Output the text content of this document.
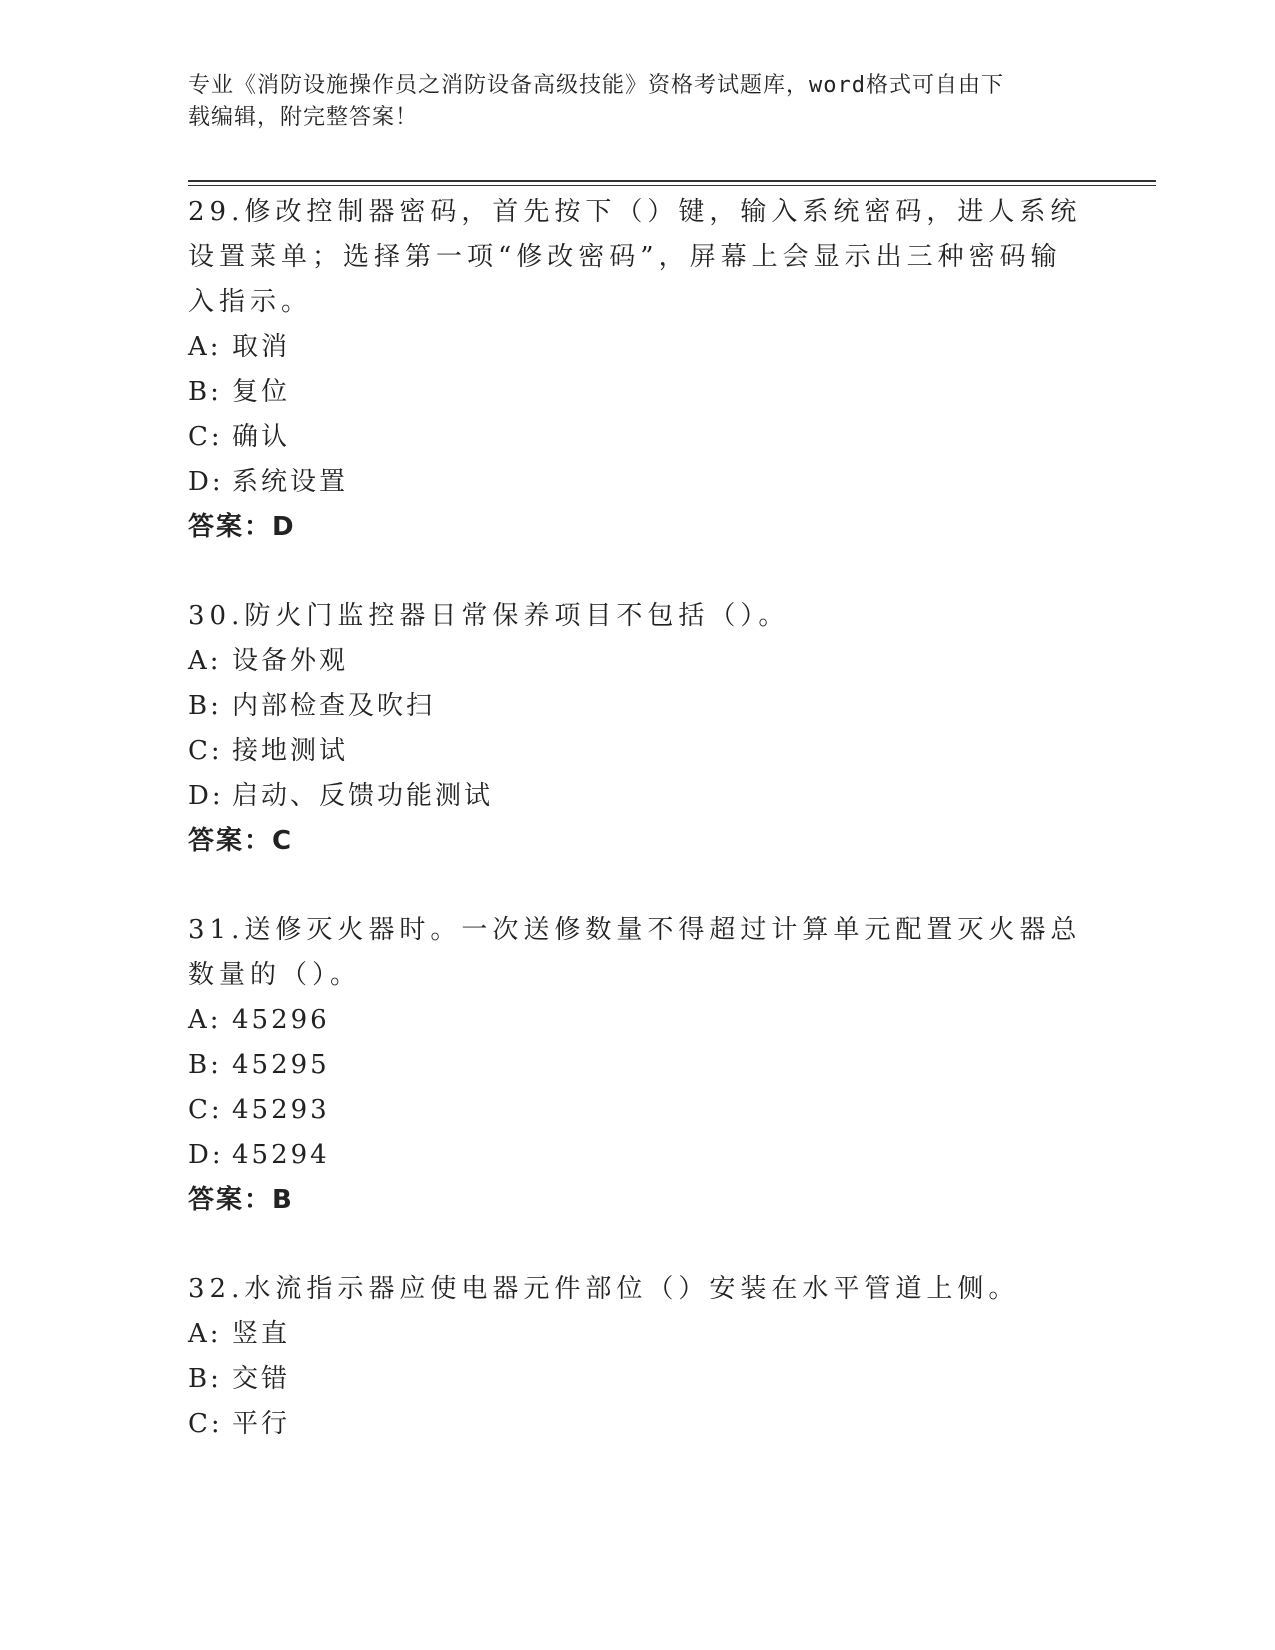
专业《消防设施操作员之消防设备高级技能》资格考试题库，word格式可自由下
载编辑，附完整答案！

29.修改控制器密码，首先按下（）键，输入系统密码，进人系统设置菜单；选择第一项“修改密码”，屏幕上会显示出三种密码输入指示。

A: 取消
B: 复位
C: 确认
D: 系统设置
答案：D

30.防火门监控器日常保养项目不包括（）。

A: 设备外观
B: 内部检查及吹扫
C: 接地测试
D: 启动、反馈功能测试
答案：C

31.送修灭火器时。一次送修数量不得超过计算单元配置灭火器总数量的（）。

A: 45296
B: 45295
C: 45293
D: 45294
答案：B

32.水流指示器应使电器元件部位（）安装在水平管道上侧。

A: 竖直
B: 交错
C: 平行
